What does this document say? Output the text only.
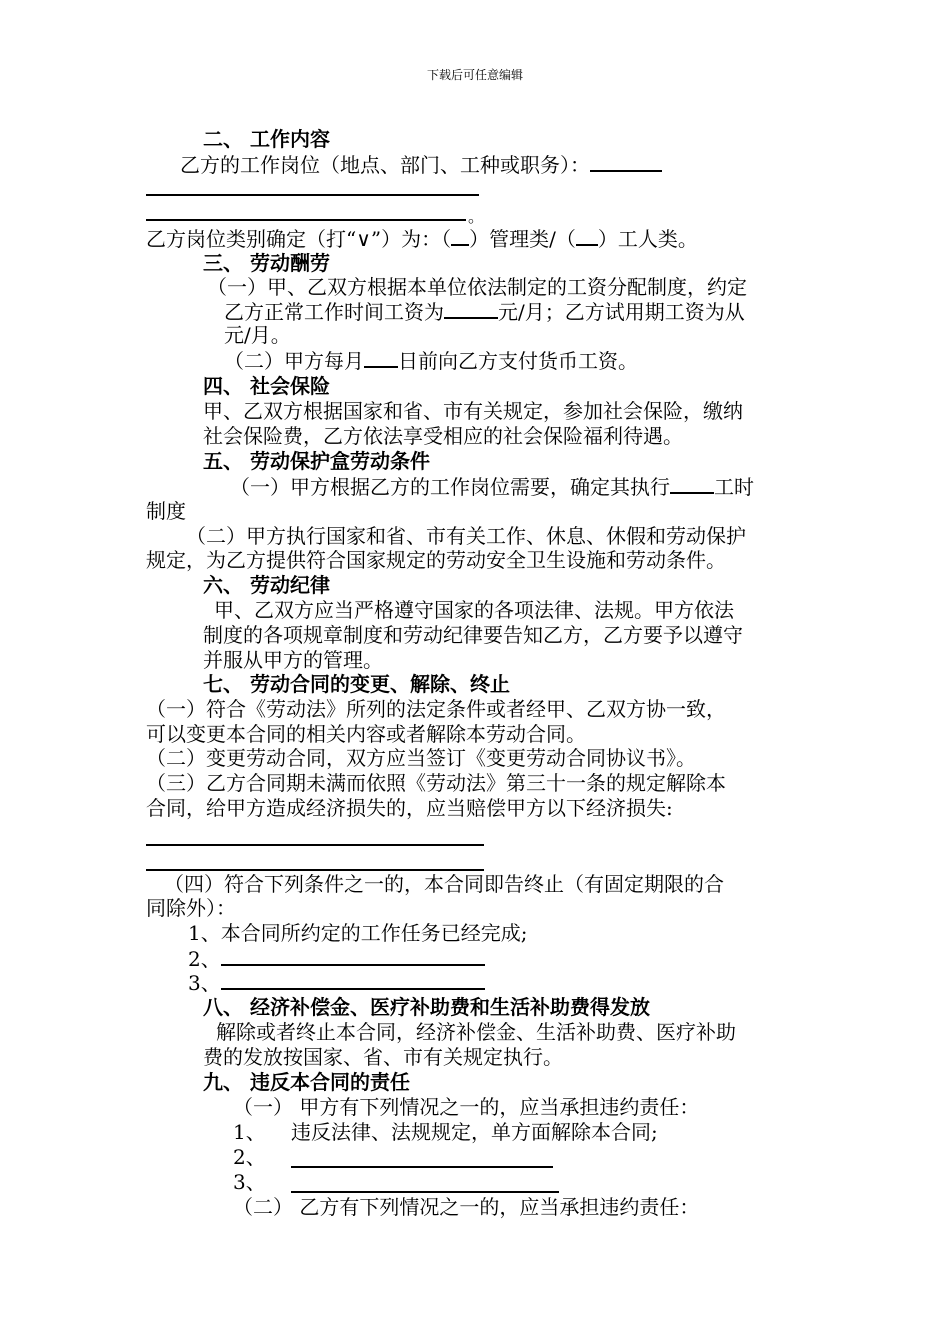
下载后可任意编辑
二、 工作内容
乙方的工作岗位（地点、部门、工种或职务）：
。
乙方岗位类别确定（打“∨”）为：（ ）管理类/（ ）工人类。
三、 劳动酬劳
（一）甲、乙双方根据本单位依法制定的工资分配制度，约定
乙方正常工作时间工资为	元/月；乙方试用期工资为从
元/月。
（二）甲方每月 日前向乙方支付货币工资。
四、 社会保险
甲、乙双方根据国家和省、市有关规定，参加社会保险，缴纳
社会保险费，乙方依法享受相应的社会保险福利待遇。
五、 劳动保护盒劳动条件
（一）甲方根据乙方的工作岗位需要，确定其执行 工时
制度
（二）甲方执行国家和省、市有关工作、休息、休假和劳动保护
规定，为乙方提供符合国家规定的劳动安全卫生设施和劳动条件。
六、 劳动纪律
甲、乙双方应当严格遵守国家的各项法律、法规。甲方依法
制度的各项规章制度和劳动纪律要告知乙方，乙方要予以遵守
并服从甲方的管理。
七、 劳动合同的变更、解除、终止
（一）符合《劳动法》所列的法定条件或者经甲、乙双方协一致，
可以变更本合同的相关内容或者解除本劳动合同。
（二）变更劳动合同，双方应当签订《变更劳动合同协议书》。
（三）乙方合同期未满而依照《劳动法》第三十一条的规定解除本
合同，给甲方造成经济损失的，应当赔偿甲方以下经济损失:
（四）符合下列条件之一的，本合同即告终止（有固定期限的合
同除外）：
1、本合同所约定的工作任务已经完成;
2、
3、
八、 经济补偿金、医疗补助费和生活补助费得发放
解除或者终止本合同，经济补偿金、生活补助费、医疗补助
费的发放按国家、省、市有关规定执行。
九、 违反本合同的责任
（一） 甲方有下列情况之一的，应当承担违约责任：
1、 违反法律、法规规定，单方面解除本合同;
2、
3、
（二） 乙方有下列情况之一的，应当承担违约责任：
